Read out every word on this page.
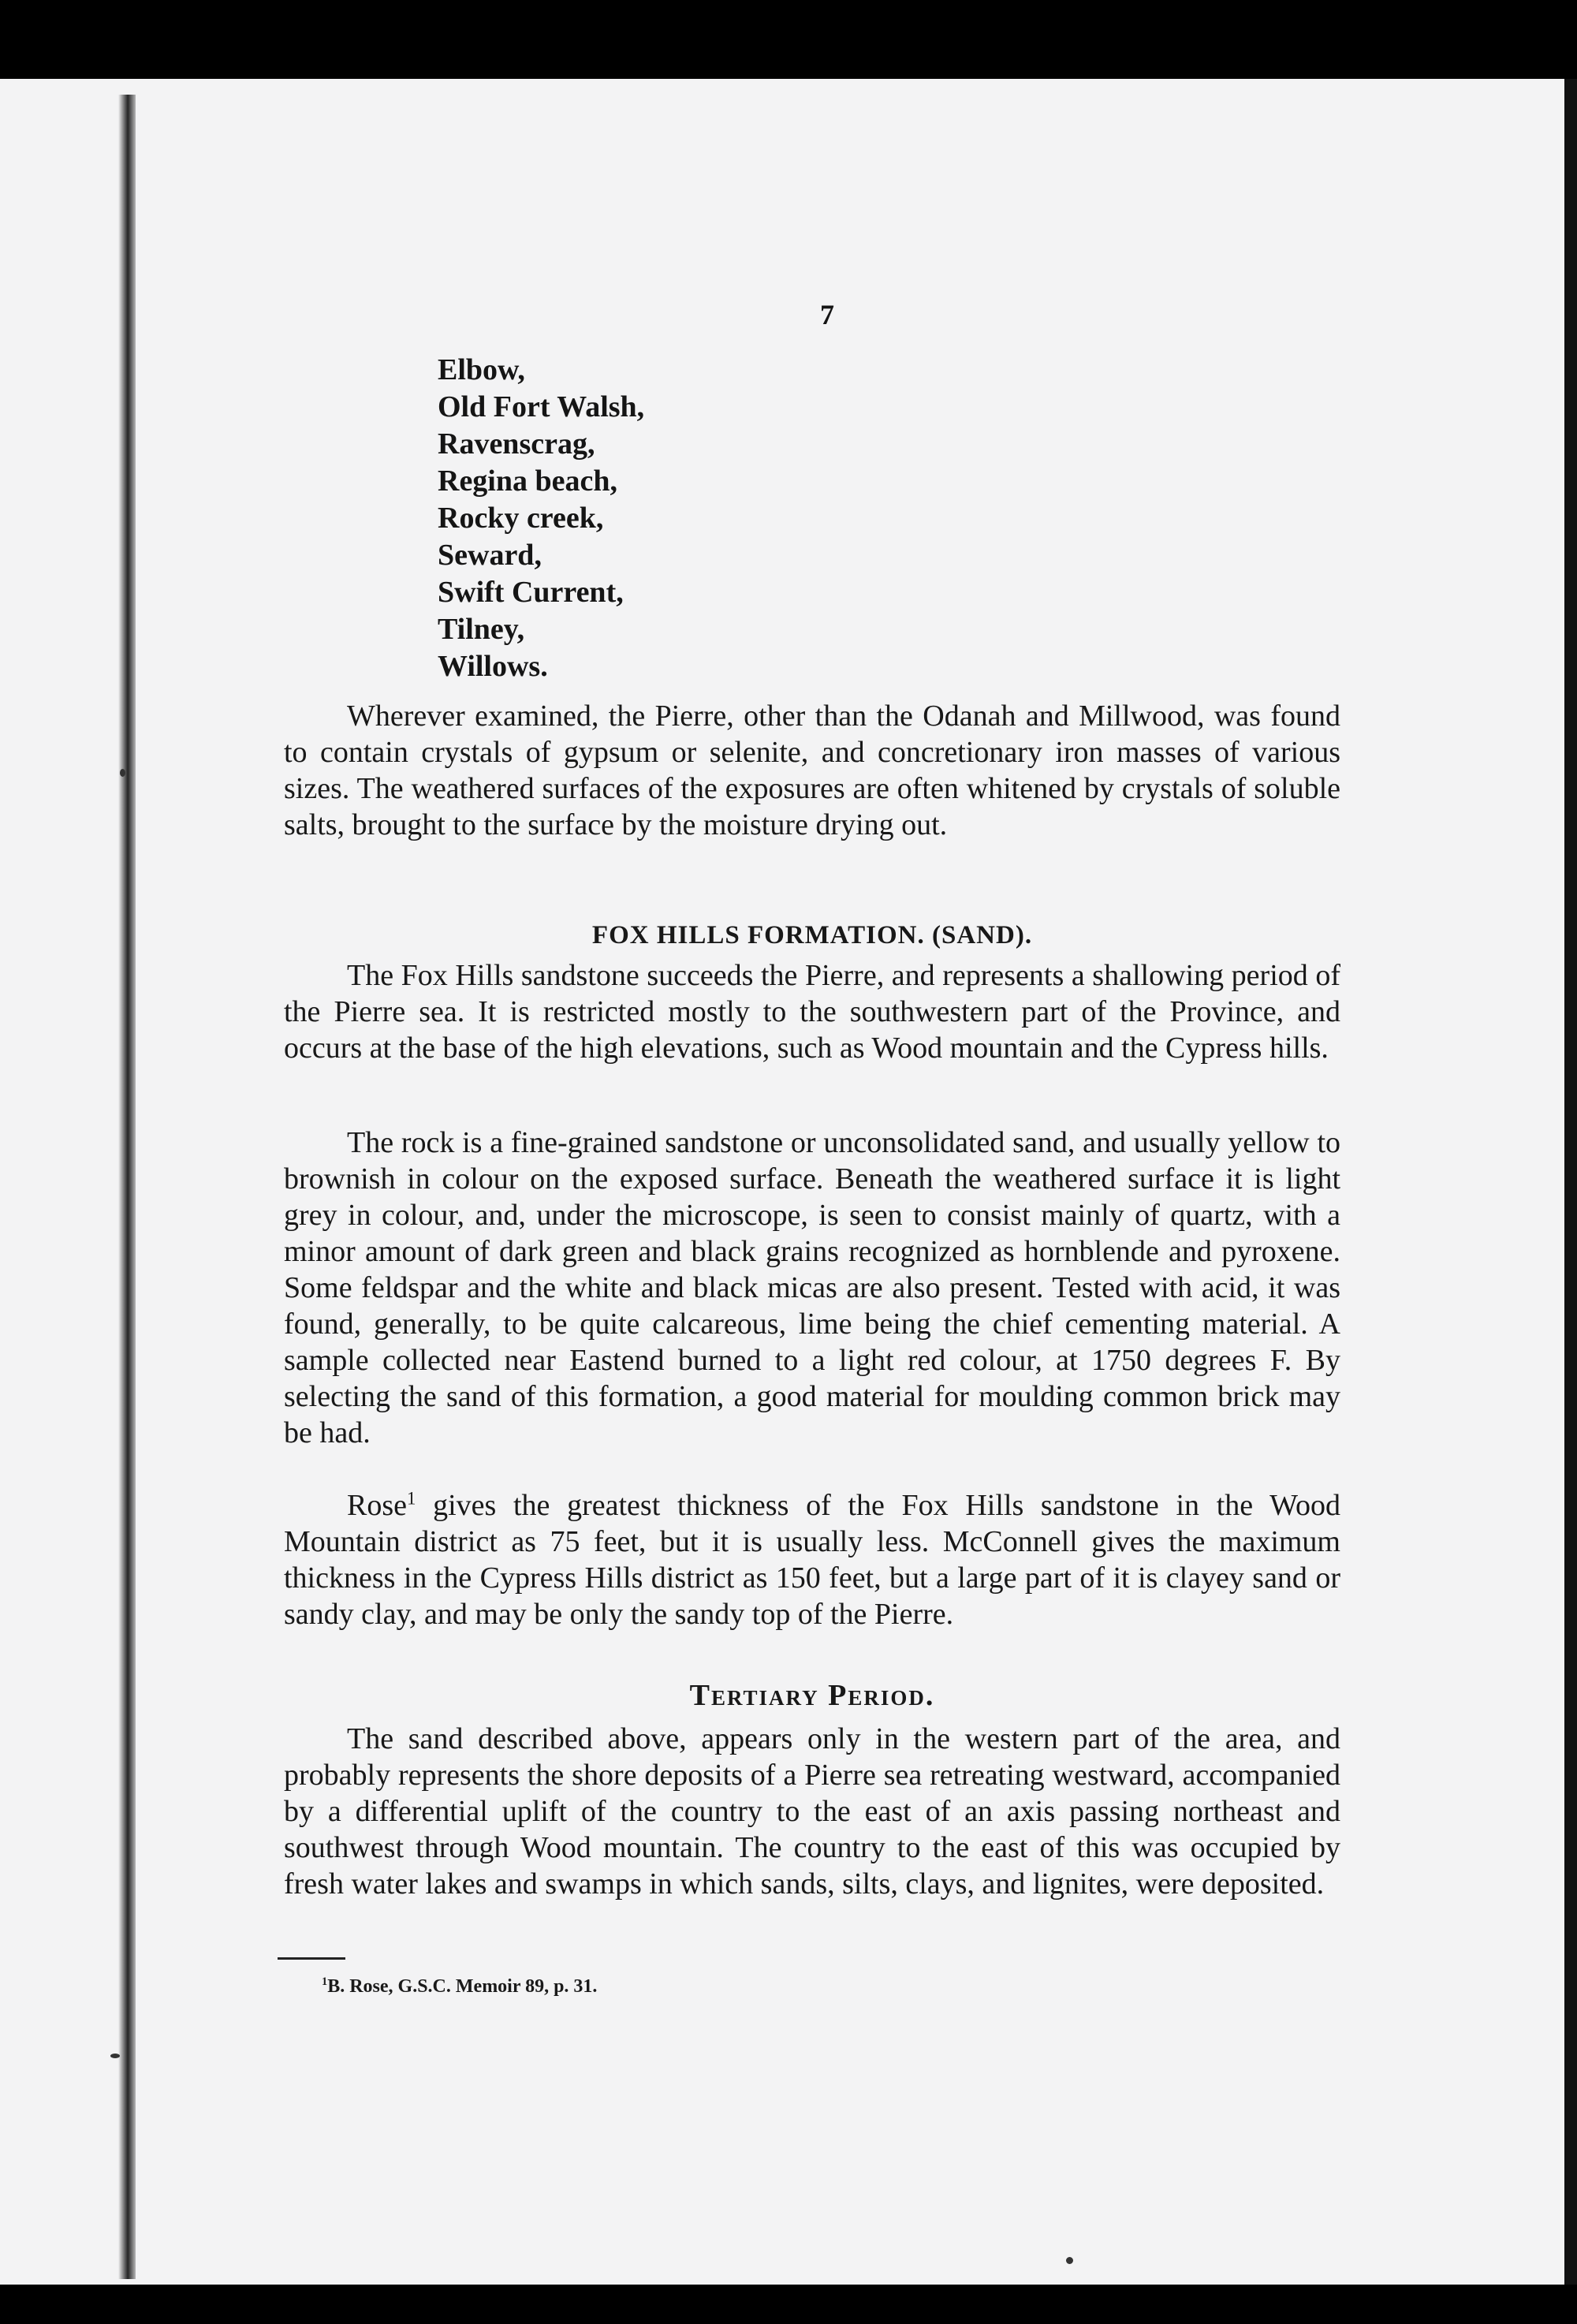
7
Elbow,
Old Fort Walsh,
Ravenscrag,
Regina beach,
Rocky creek,
Seward,
Swift Current,
Tilney,
Willows.

Wherever examined, the Pierre, other than the Odanah and Millwood, was found to contain crystals of gypsum or selenite, and concretionary iron masses of various sizes. The weathered surfaces of the exposures are often whitened by crystals of soluble salts, brought to the surface by the moisture drying out.

FOX HILLS FORMATION. (SAND).

The Fox Hills sandstone succeeds the Pierre, and represents a shallowing period of the Pierre sea. It is restricted mostly to the southwestern part of the Province, and occurs at the base of the high elevations, such as Wood mountain and the Cypress hills.

The rock is a fine-grained sandstone or unconsolidated sand, and usually yellow to brownish in colour on the exposed surface. Beneath the weathered surface it is light grey in colour, and, under the microscope, is seen to consist mainly of quartz, with a minor amount of dark green and black grains recognized as hornblende and pyroxene. Some feldspar and the white and black micas are also present. Tested with acid, it was found, generally, to be quite calcareous, lime being the chief cementing material. A sample collected near Eastend burned to a light red colour, at 1750 degrees F. By selecting the sand of this formation, a good material for moulding common brick may be had.

Rose$^1$ gives the greatest thickness of the Fox Hills sandstone in the Wood Mountain district as 75 feet, but it is usually less. McConnell gives the maximum thickness in the Cypress Hills district as 150 feet, but a large part of it is clayey sand or sandy clay, and may be only the sandy top of the Pierre.

Tertiary Period.

The sand described above, appears only in the western part of the area, and probably represents the shore deposits of a Pierre sea retreating westward, accompanied by a differential uplift of the country to the east of an axis passing northeast and southwest through Wood mountain. The country to the east of this was occupied by fresh water lakes and swamps in which sands, silts, clays, and lignites, were deposited.

$^1$B. Rose, G.S.C. Memoir 89, p. 31.
